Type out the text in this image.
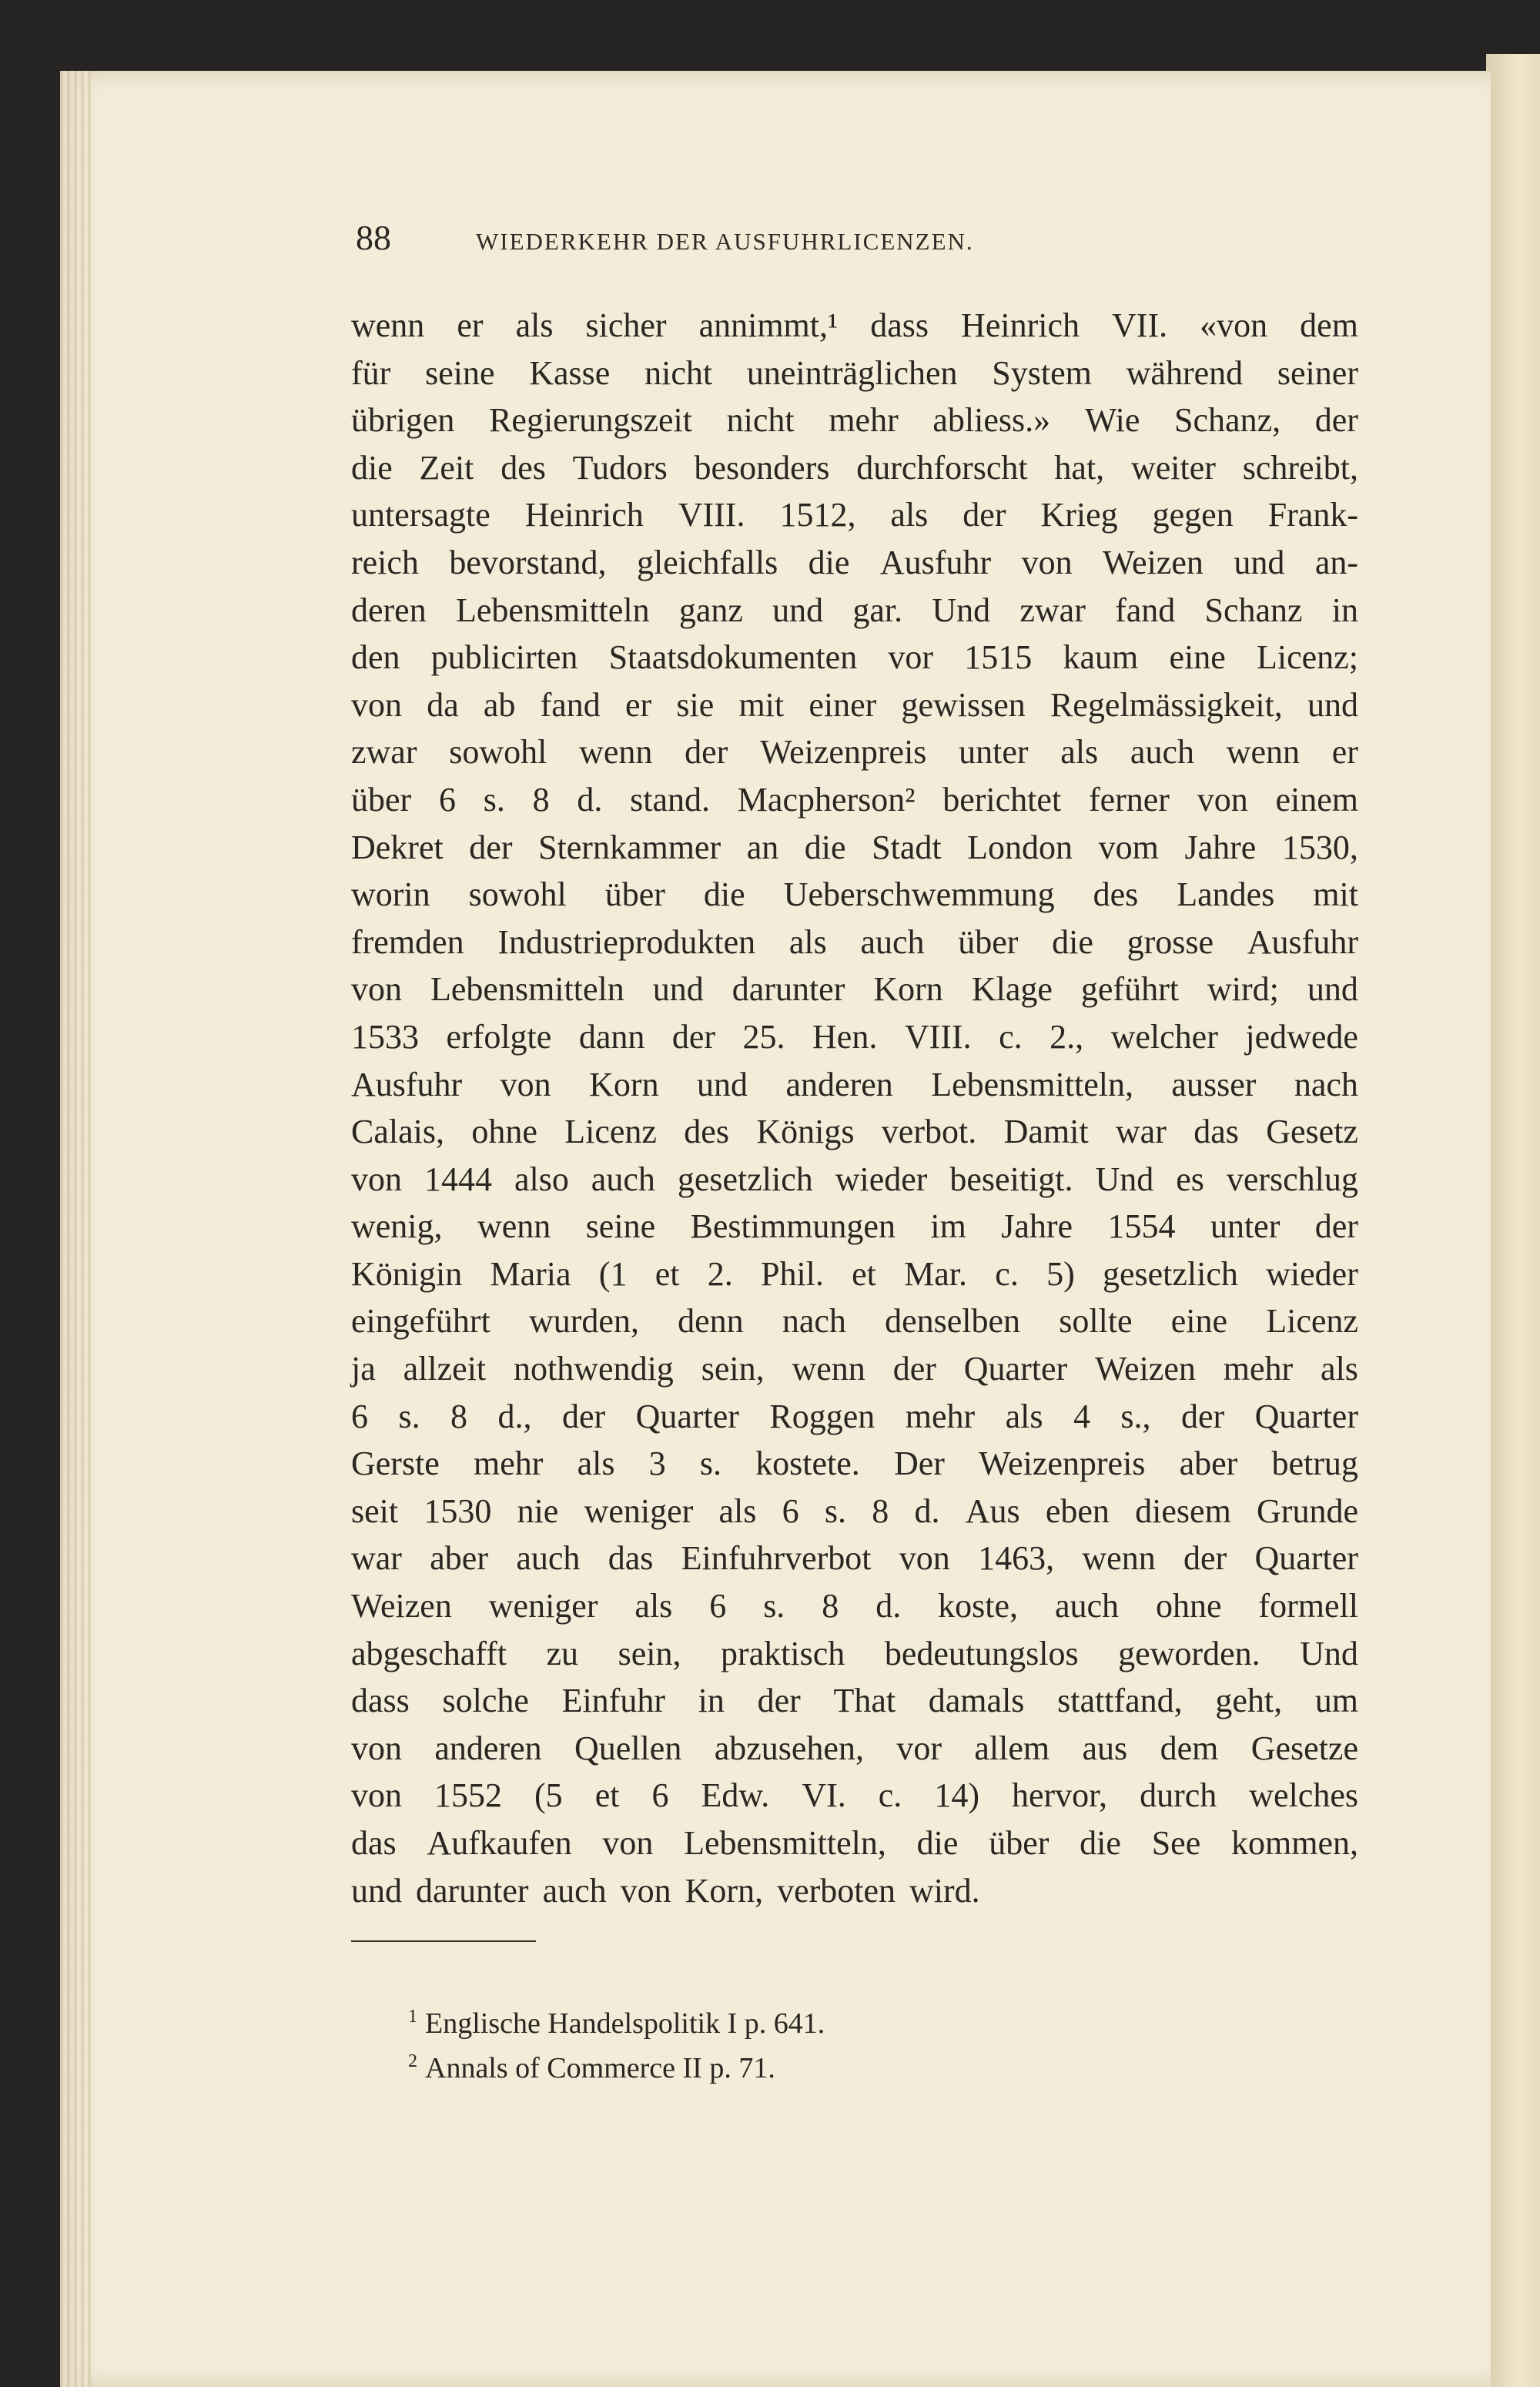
88	WIEDERKEHR DER AUSFUHRLICENZEN.
wenn er als sicher annimmt,¹ dass Heinrich VII. «von dem
für seine Kasse nicht uneinträglichen System während seiner
übrigen Regierungszeit nicht mehr abliess.» Wie Schanz, der
die Zeit des Tudors besonders durchforscht hat, weiter schreibt,
untersagte Heinrich VIII. 1512, als der Krieg gegen Frank-
reich bevorstand, gleichfalls die Ausfuhr von Weizen und an-
deren Lebensmitteln ganz und gar. Und zwar fand Schanz in
den publicirten Staatsdokumenten vor 1515 kaum eine Licenz;
von da ab fand er sie mit einer gewissen Regelmässigkeit, und
zwar sowohl wenn der Weizenpreis unter als auch wenn er
über 6 s. 8 d. stand. Macpherson² berichtet ferner von einem
Dekret der Sternkammer an die Stadt London vom Jahre 1530,
worin sowohl über die Ueberschwemmung des Landes mit
fremden Industrieprodukten als auch über die grosse Ausfuhr
von Lebensmitteln und darunter Korn Klage geführt wird; und
1533 erfolgte dann der 25. Hen. VIII. c. 2., welcher jedwede
Ausfuhr von Korn und anderen Lebensmitteln, ausser nach
Calais, ohne Licenz des Königs verbot. Damit war das Gesetz
von 1444 also auch gesetzlich wieder beseitigt. Und es verschlug
wenig, wenn seine Bestimmungen im Jahre 1554 unter der
Königin Maria (1 et 2. Phil. et Mar. c. 5) gesetzlich wieder
eingeführt wurden, denn nach denselben sollte eine Licenz
ja allzeit nothwendig sein, wenn der Quarter Weizen mehr als
6 s. 8 d., der Quarter Roggen mehr als 4 s., der Quarter
Gerste mehr als 3 s. kostete. Der Weizenpreis aber betrug
seit 1530 nie weniger als 6 s. 8 d. Aus eben diesem Grunde
war aber auch das Einfuhrverbot von 1463, wenn der Quarter
Weizen weniger als 6 s. 8 d. koste, auch ohne formell
abgeschafft zu sein, praktisch bedeutungslos geworden. Und
dass solche Einfuhr in der That damals stattfand, geht, um
von anderen Quellen abzusehen, vor allem aus dem Gesetze
von 1552 (5 et 6 Edw. VI. c. 14) hervor, durch welches
das Aufkaufen von Lebensmitteln, die über die See kommen,
und darunter auch von Korn, verboten wird.
$^1$ Englische Handelspolitik I p. 641.
$^2$ Annals of Commerce II p. 71.
